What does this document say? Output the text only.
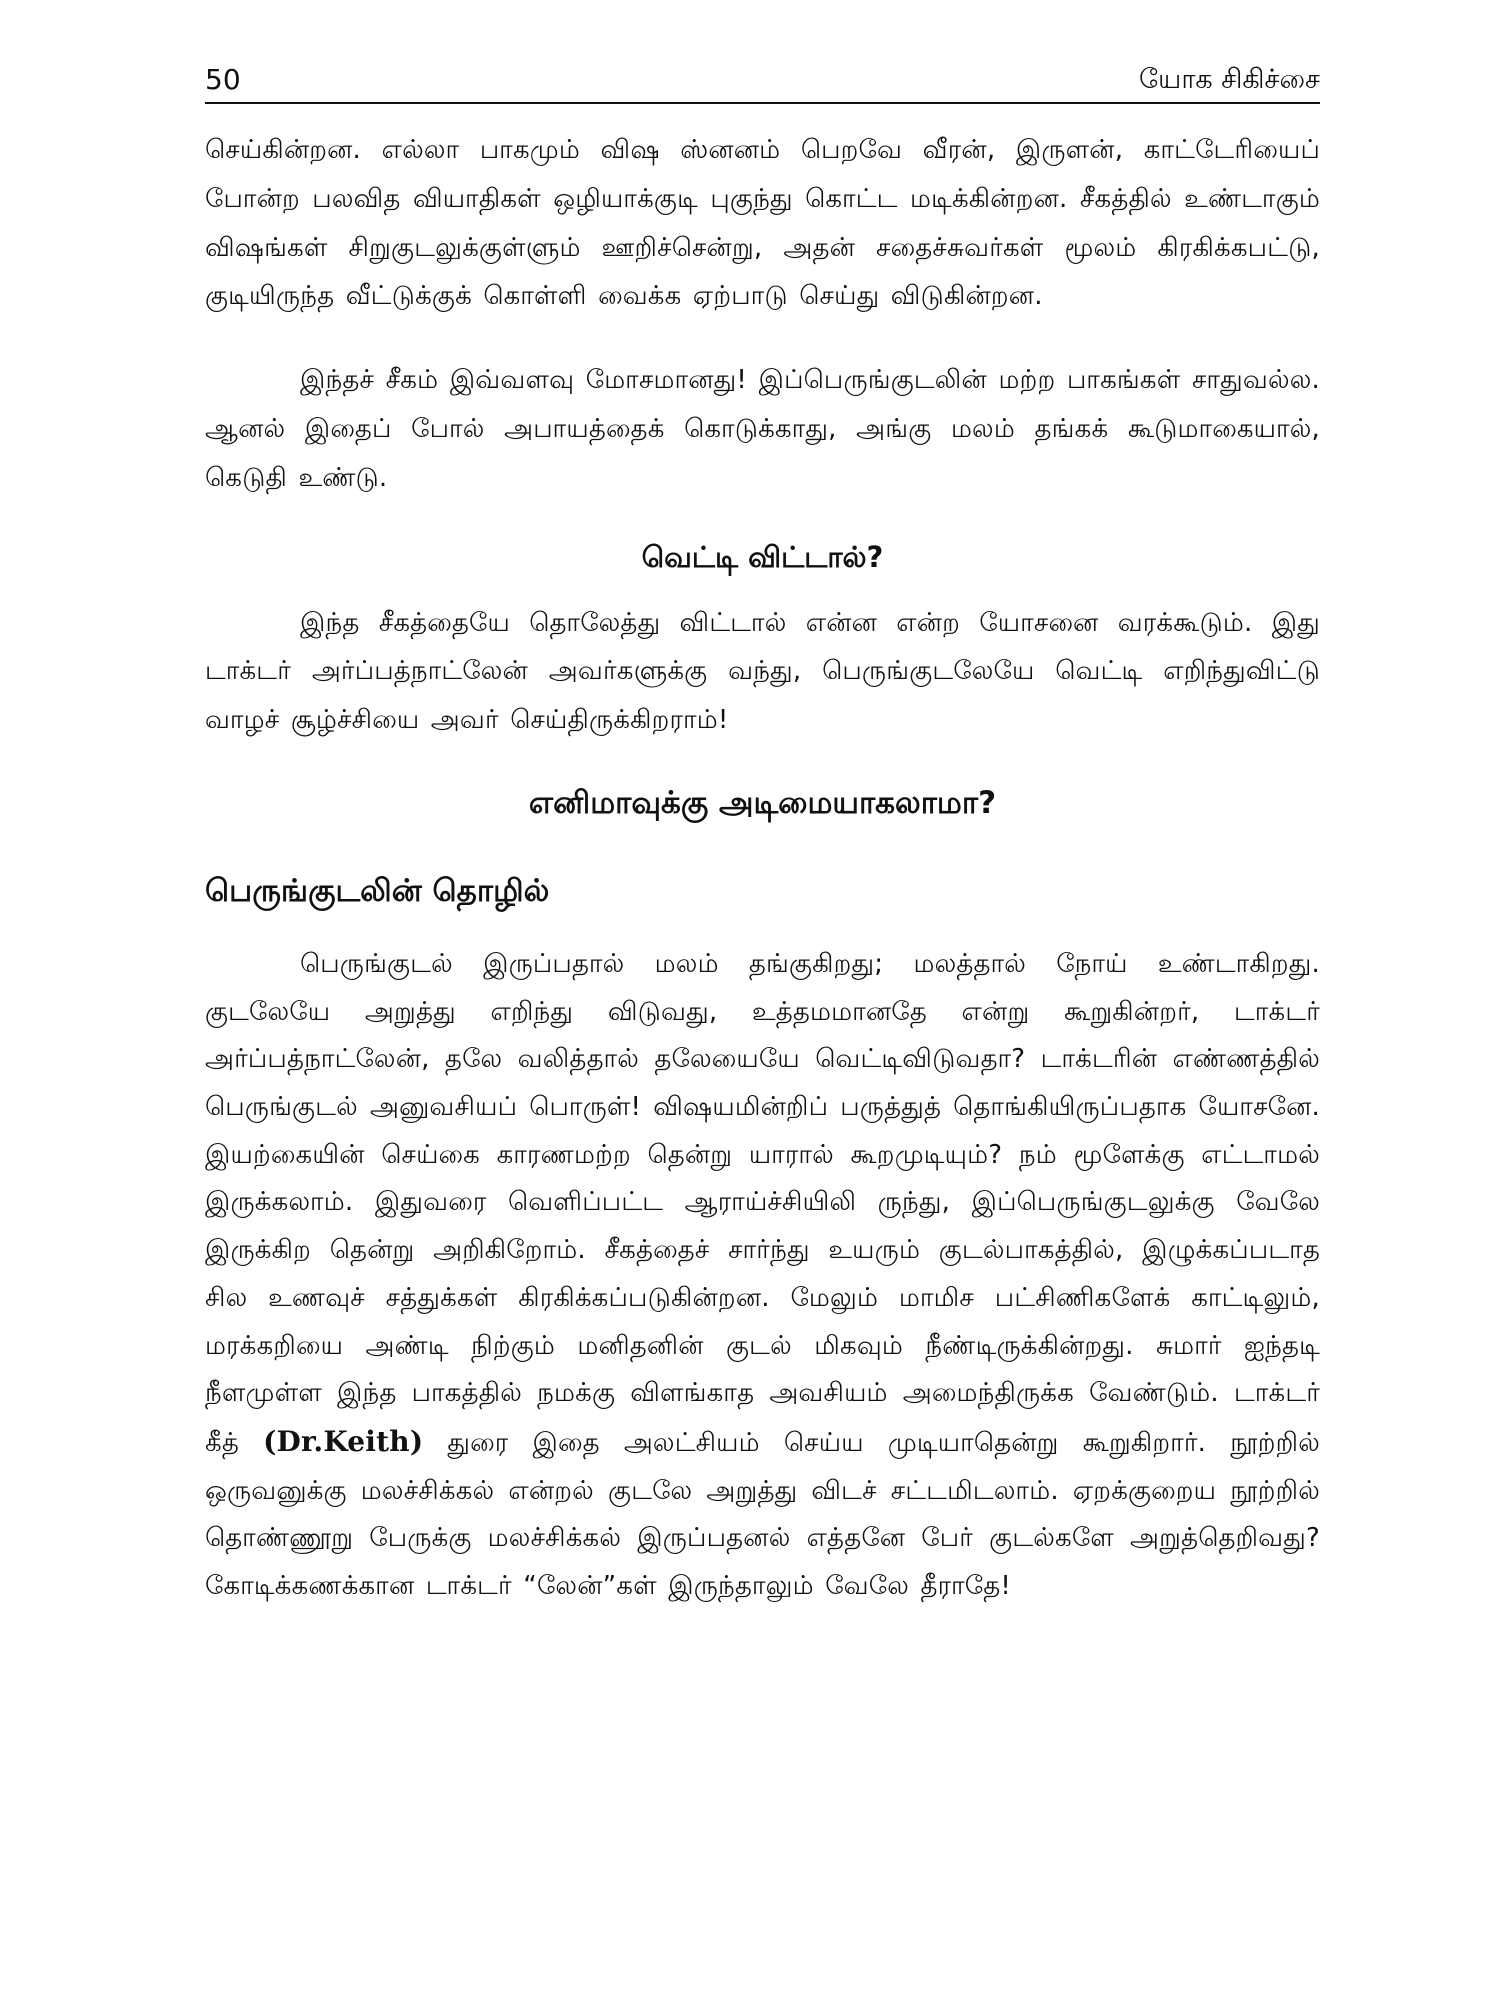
50	யோக சிகிச்சை

செய்கின்றன. எல்லா பாகமும் விஷ ஸ்னனம் பெறவே வீரன், இருளன், காட்டேரியைப் போன்ற பலவித வியாதிகள் ஒழியாக்குடி புகுந்து கொட்ட மடிக்கின்றன. சீகத்தில் உண்டாகும் விஷங்கள் சிறுகுடலுக்குள்ளும் ஊறிச்சென்று, அதன் சதைச்சுவர்கள் மூலம் கிரகிக்கபட்டு, குடியிருந்த வீட்டுக்குக் கொள்ளி வைக்க ஏற்பாடு செய்து விடுகின்றன.

இந்தச் சீகம் இவ்வளவு மோசமானது! இப்பெருங்குடலின் மற்ற பாகங்கள் சாதுவல்ல. ஆனல் இதைப் போல் அபாயத்தைக் கொடுக்காது, அங்கு மலம் தங்கக் கூடுமாகையால், கெடுதி உண்டு.

வெட்டி விட்டால்?

இந்த சீகத்தையே தொலேத்து விட்டால் என்ன என்ற யோசனை வரக்கூடும். இது டாக்டர் அர்ப்பத்நாட்லேன் அவர்களுக்கு வந்து, பெருங்குடலேயே வெட்டி எறிந்துவிட்டு வாழச் சூழ்ச்சியை அவர் செய்திருக்கிறராம்!

எனிமாவுக்கு அடிமையாகலாமா?
பெருங்குடலின் தொழில்

பெருங்குடல் இருப்பதால் மலம் தங்குகிறது; மலத்தால் நோய் உண்டாகிறது. குடலேயே அறுத்து எறிந்து விடுவது, உத்தமமானதே என்று கூறுகின்றர், டாக்டர் அர்ப்பத்நாட்லேன், தலே வலித்தால் தலேயையே வெட்டிவிடுவதா? டாக்டரின் எண்ணத்தில் பெருங்குடல் அனுவசியப் பொருள்! விஷயமின்றிப் பருத்துத் தொங்கியிருப்பதாக யோசனே. இயற்கையின் செய்கை காரணமற்ற தென்று யாரால் கூறமுடியும்? நம் மூளேக்கு எட்டாமல் இருக்கலாம். இதுவரை வெளிப்பட்ட ஆராய்ச்சியிலி ருந்து, இப்பெருங்குடலுக்கு வேலே இருக்கிற தென்று அறிகிறோம். சீகத்தைச் சார்ந்து உயரும் குடல்பாகத்தில், இழுக்கப்படாத சில உணவுச் சத்துக்கள் கிரகிக்கப்படுகின்றன. மேலும் மாமிச பட்சிணிகளேக் காட்டிலும், மரக்கறியை அண்டி நிற்கும் மனிதனின் குடல் மிகவும் நீண்டிருக்கின்றது. சுமார் ஐந்தடி நீளமுள்ள இந்த பாகத்தில் நமக்கு விளங்காத அவசியம் அமைந்திருக்க வேண்டும். டாக்டர் கீத் (Dr.Keith) துரை இதை அலட்சியம் செய்ய முடியாதென்று கூறுகிறார். நூற்றில் ஒருவனுக்கு மலச்சிக்கல் என்றல் குடலே அறுத்து விடச் சட்டமிடலாம். ஏறக்குறைய நூற்றில் தொண்ணூறு பேருக்கு மலச்சிக்கல் இருப்பதனல் எத்தனே பேர் குடல்களே அறுத்தெறிவது? கோடிக்கணக்கான டாக்டர் “லேன்”கள் இருந்தாலும் வேலே தீராதே!
